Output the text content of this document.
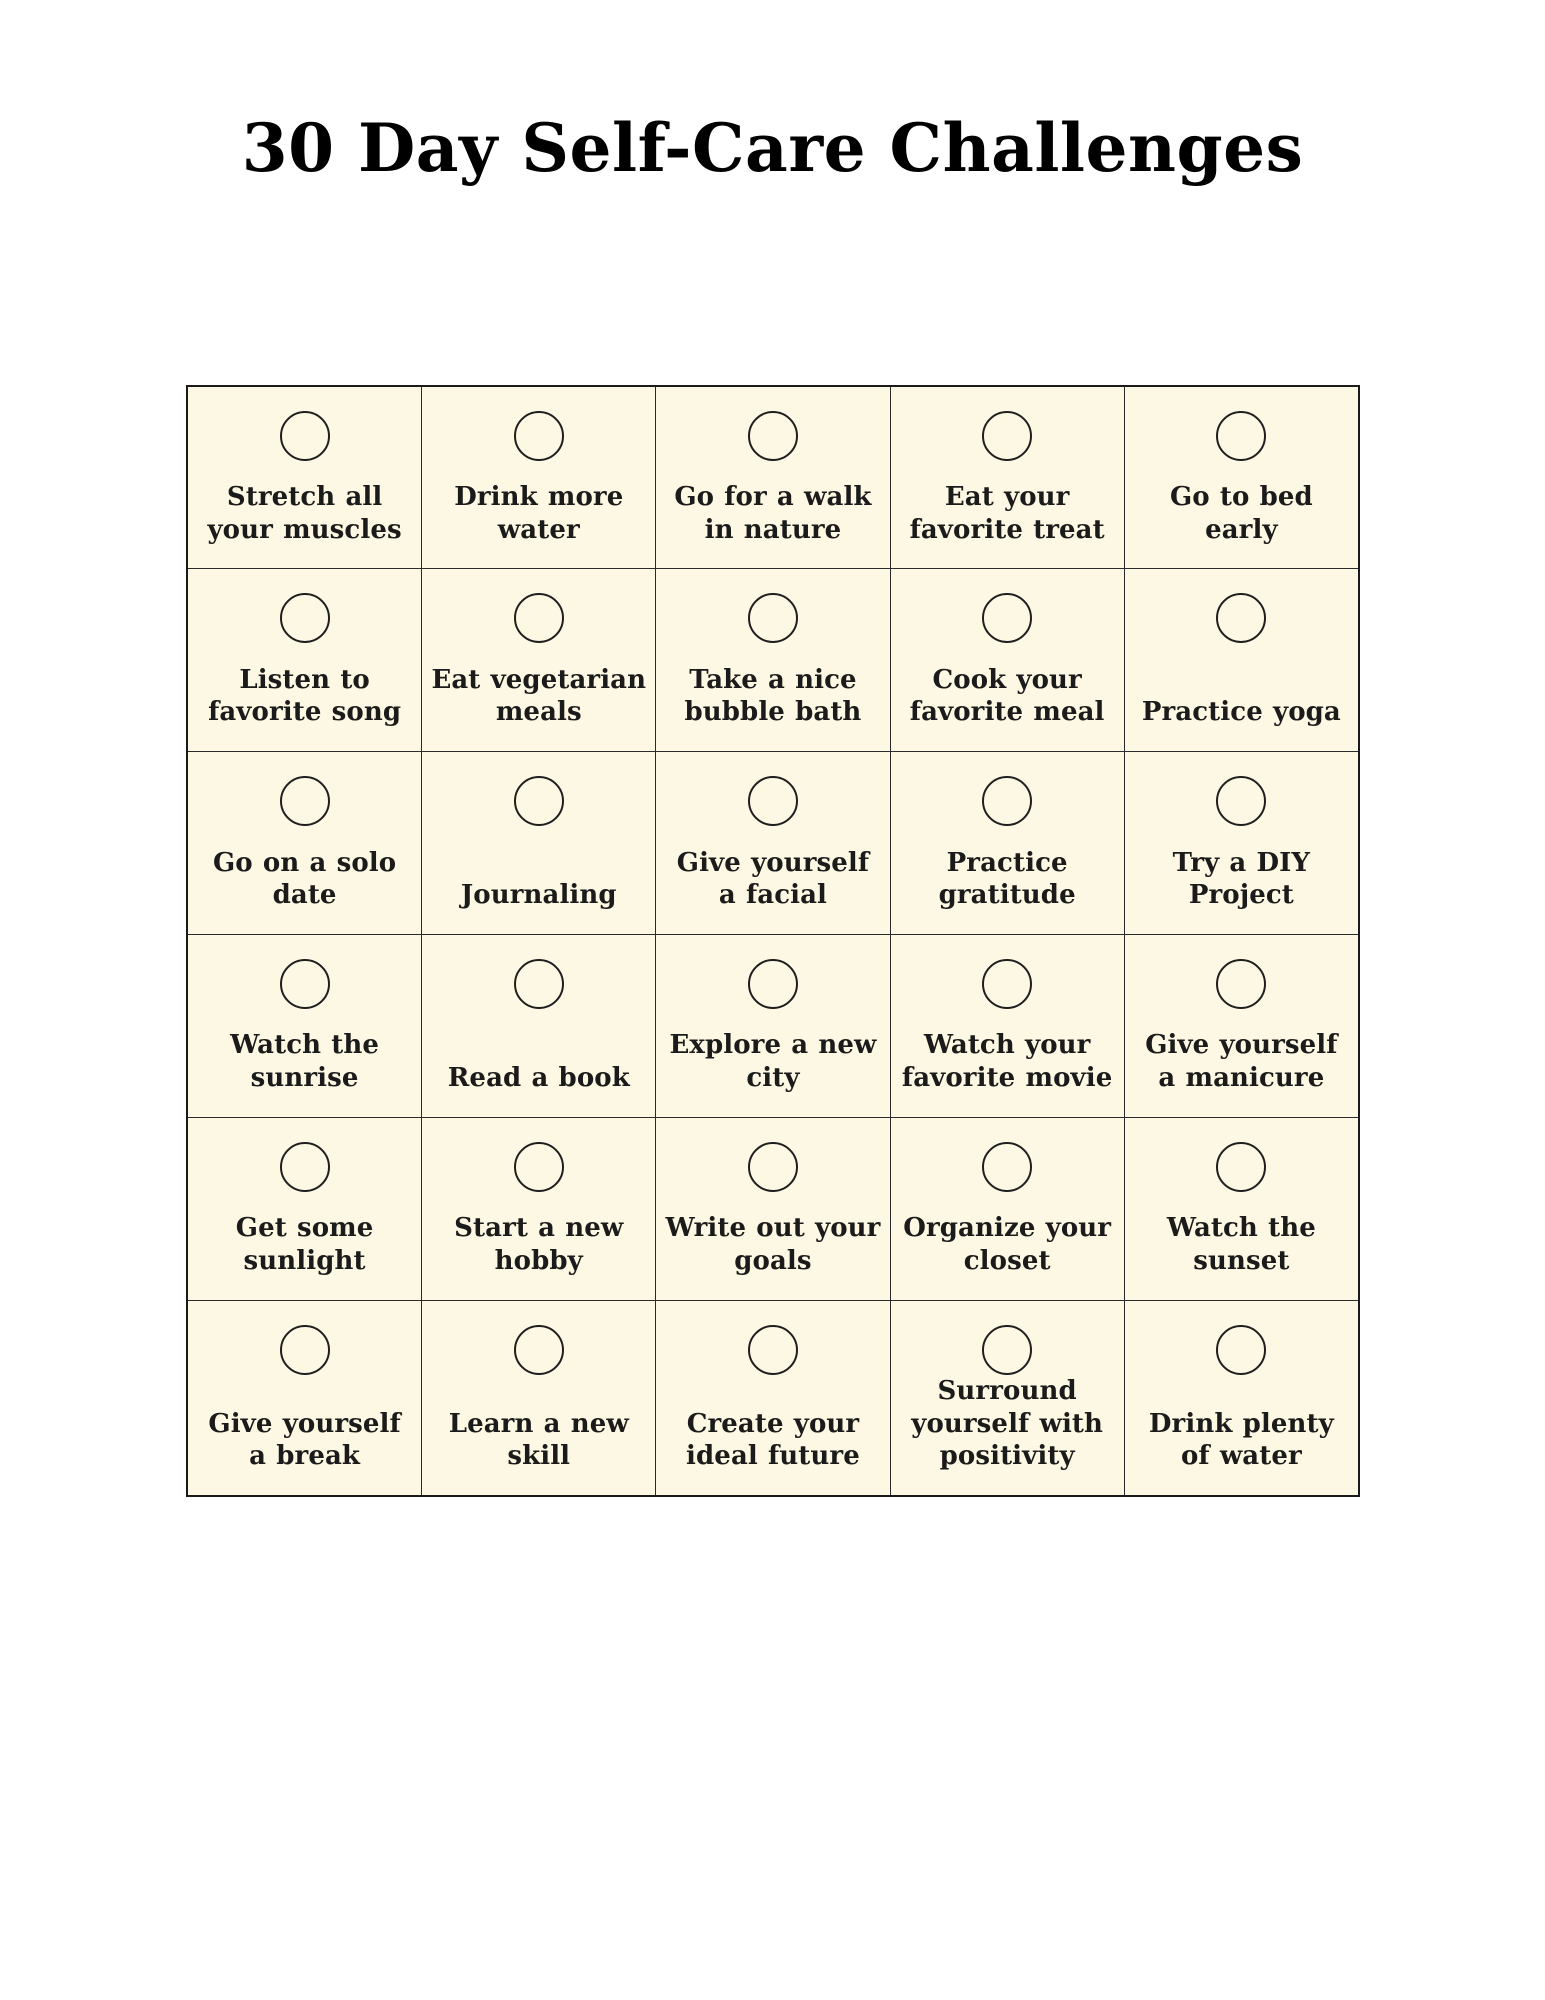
30 Day Self-Care Challenges
Stretch all your muscles	Drink more water	Go for a walk in nature	Eat your favorite treat	Go to bed early

Listen to favorite song	Eat vegetarian meals	Take a nice bubble bath	Cook your favorite meal	Practice yoga

Go on a solo date	Journaling	Give yourself a facial	Practice gratitude	Try a DIY Project

Watch the sunrise	Read a book	Explore a new city	Watch your favorite movie	Give yourself a manicure

Get some sunlight	Start a new hobby	Write out your goals	Organize your closet	Watch the sunset

Give yourself a break	Learn a new skill	Create your ideal future	Surround yourself with positivity	Drink plenty of water
